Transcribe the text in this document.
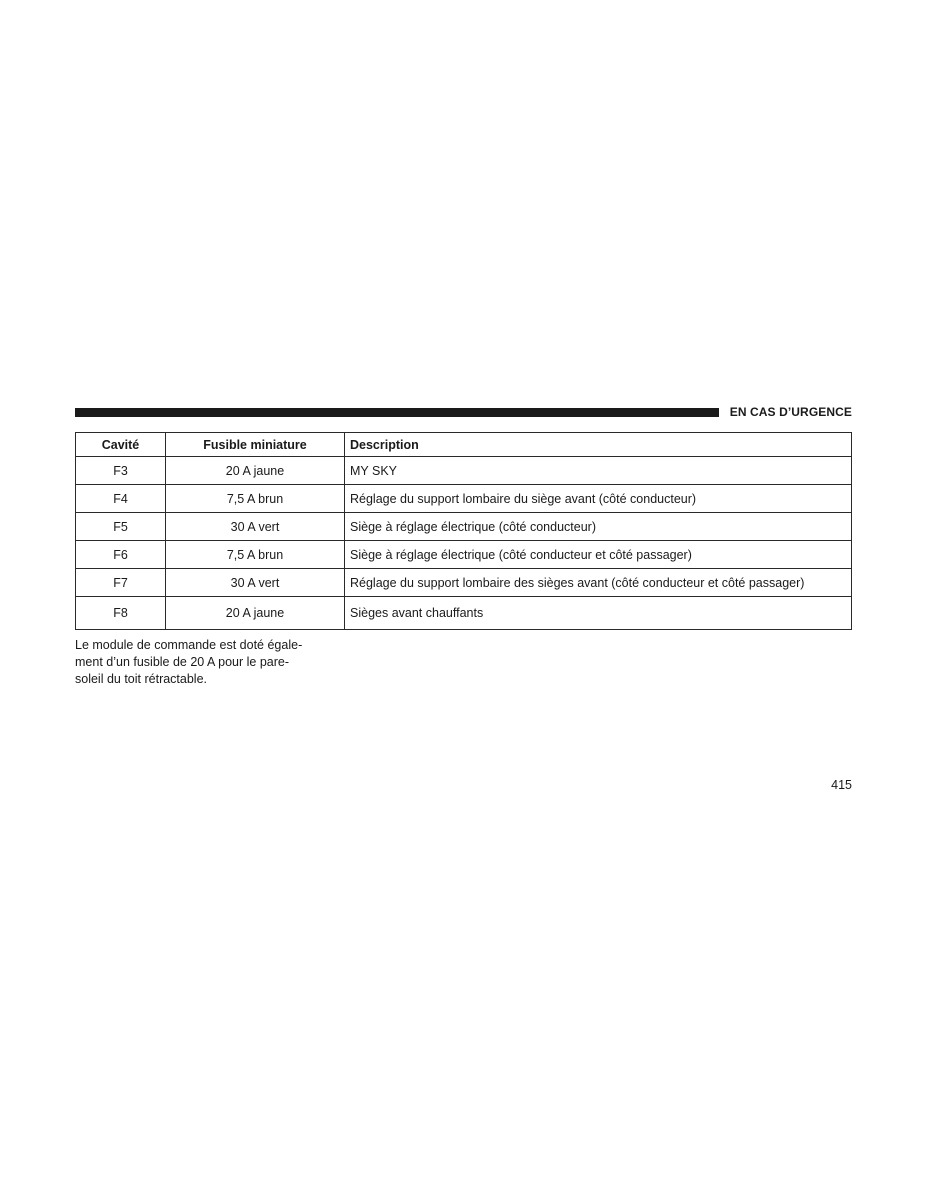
EN CAS D’URGENCE
Cavité	Fusible miniature	Description
F3	20 A jaune	MY SKY
F4	7,5 A brun	Réglage du support lombaire du siège avant (côté conducteur)
F5	30 A vert	Siège à réglage électrique (côté conducteur)
F6	7,5 A brun	Siège à réglage électrique (côté conducteur et côté passager)
F7	30 A vert	Réglage du support lombaire des sièges avant (côté conducteur et côté passager)
F8	20 A jaune	Sièges avant chauffants
Le module de commande est doté égale-
ment d’un fusible de 20 A pour le pare-
soleil du toit rétractable.
415
